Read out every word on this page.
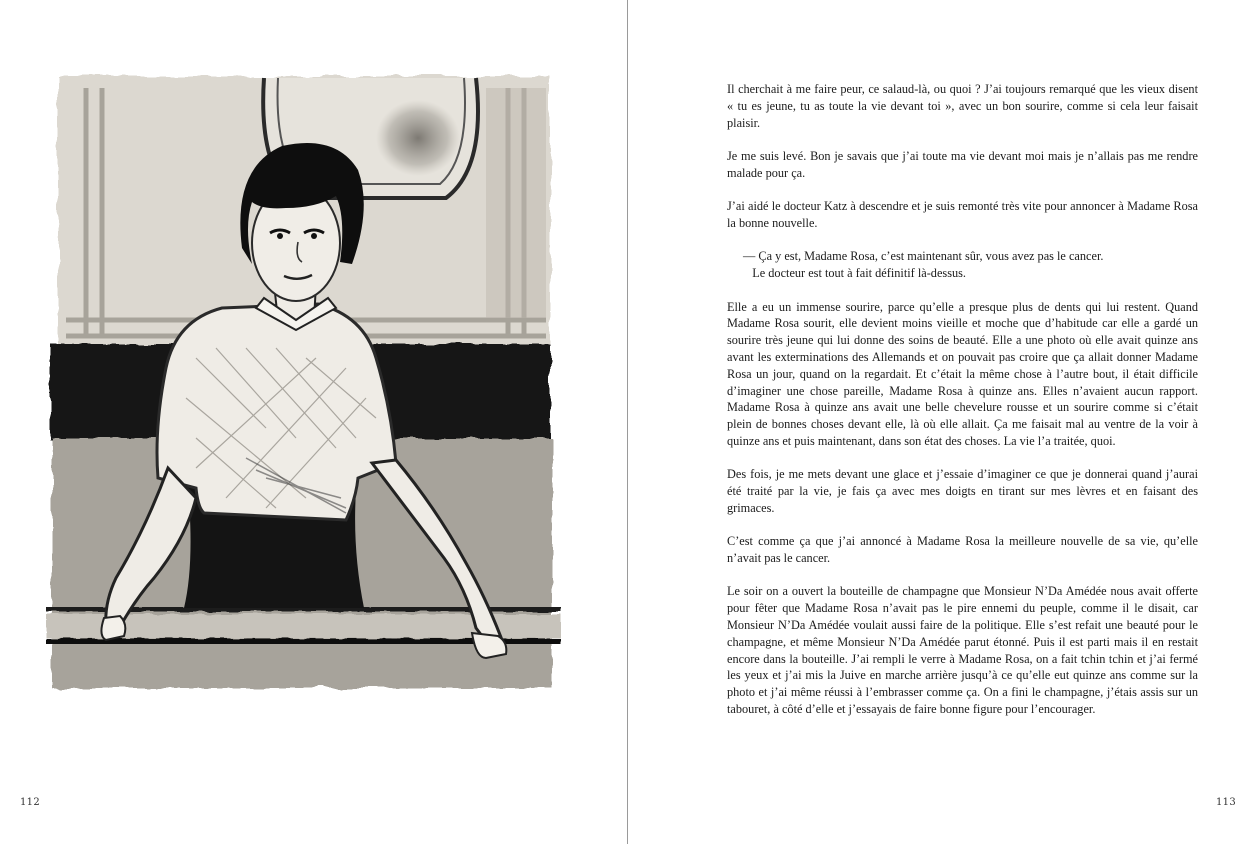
112

Il cherchait à me faire peur, ce salaud-là, ou quoi ? J’ai toujours remarqué que les vieux disent « tu es jeune, tu as toute la vie devant toi », avec un bon sourire, comme si cela leur faisait plaisir.

Je me suis levé. Bon je savais que j’ai toute ma vie devant moi mais je n’allais pas me rendre malade pour ça.

J’ai aidé le docteur Katz à descendre et je suis remonté très vite pour annoncer à Madame Rosa la bonne nouvelle.

— Ça y est, Madame Rosa, c’est maintenant sûr, vous avez pas le cancer.
Le docteur est tout à fait définitif là-dessus.

Elle a eu un immense sourire, parce qu’elle a presque plus de dents qui lui restent. Quand Madame Rosa sourit, elle devient moins vieille et moche que d’habitude car elle a gardé un sourire très jeune qui lui donne des soins de beauté. Elle a une photo où elle avait quinze ans avant les exterminations des Allemands et on pouvait pas croire que ça allait donner Madame Rosa un jour, quand on la regardait. Et c’était la même chose à l’autre bout, il était difficile d’imaginer une chose pareille, Madame Rosa à quinze ans. Elles n’avaient aucun rapport. Madame Rosa à quinze ans avait une belle chevelure rousse et un sourire comme si c’était plein de bonnes choses devant elle, là où elle allait. Ça me faisait mal au ventre de la voir à quinze ans et puis maintenant, dans son état des choses. La vie l’a traitée, quoi.

Des fois, je me mets devant une glace et j’essaie d’imaginer ce que je donnerai quand j’aurai été traité par la vie, je fais ça avec mes doigts en tirant sur mes lèvres et en faisant des grimaces.

C’est comme ça que j’ai annoncé à Madame Rosa la meilleure nouvelle de sa vie, qu’elle n’avait pas le cancer.

Le soir on a ouvert la bouteille de champagne que Monsieur N’Da Amédée nous avait offerte pour fêter que Madame Rosa n’avait pas le pire ennemi du peuple, comme il le disait, car Monsieur N’Da Amédée voulait aussi faire de la politique. Elle s’est refait une beauté pour le champagne, et même Monsieur N’Da Amédée parut étonné. Puis il est parti mais il en restait encore dans la bouteille. J’ai rempli le verre à Madame Rosa, on a fait tchin tchin et j’ai fermé les yeux et j’ai mis la Juive en marche arrière jusqu’à ce qu’elle eut quinze ans comme sur la photo et j’ai même réussi à l’embrasser comme ça. On a fini le champagne, j’étais assis sur un tabouret, à côté d’elle et j’essayais de faire bonne figure pour l’encourager.

113
